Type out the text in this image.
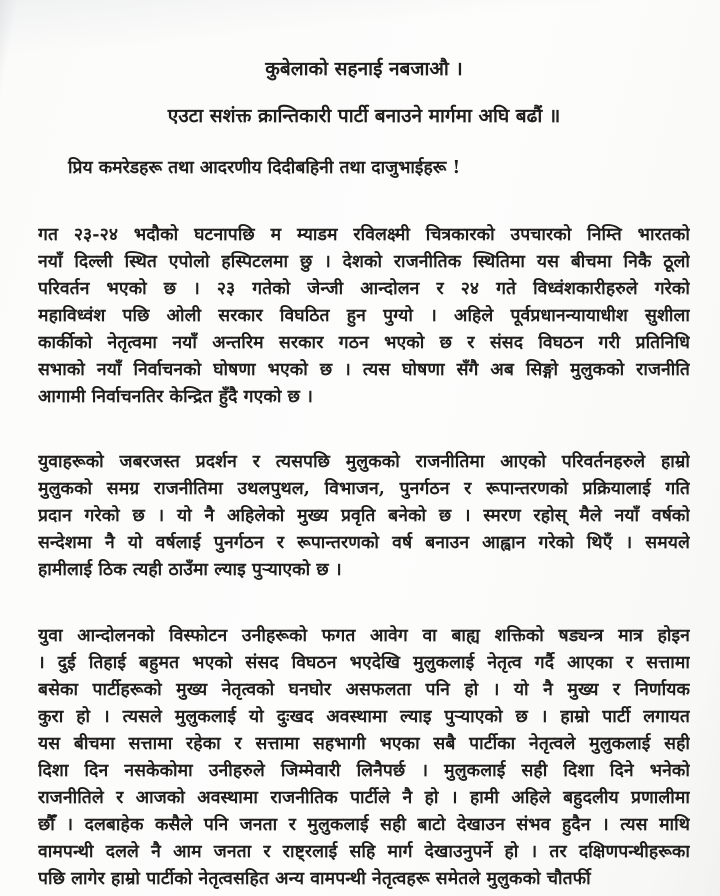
कुबेलाको सहनाई नबजाऔ ।
एउटा सशंक्त क्रान्तिकारी पार्टी बनाउने मार्गमा अघि बढौं ॥
प्रिय कमरेडहरू तथा आदरणीय दिदीबहिनी तथा दाजुभाईहरू !
गत २३-२४ भदौको घटनापछि म म्याडम रविलक्ष्मी चित्रकारको उपचारको निम्ति भारतको
नयाँ दिल्ली स्थित एपोलो हस्पिटलमा छु । देशको राजनीतिक स्थितिमा यस बीचमा निकै ठूलो
परिवर्तन भएको छ । २३ गतेको जेन्जी आन्दोलन र २४ गते विध्वंशकारीहरुले गरेको
महाविध्वंश पछि ओली सरकार विघठित हुन पुग्यो । अहिले पूर्वप्रधानन्यायाधीश सुशीला
कार्कीको नेतृत्वमा नयाँ अन्तरिम सरकार गठन भएको छ र संसद विघठन गरी प्रतिनिधि
सभाको नयाँ निर्वाचनको घोषणा भएको छ । त्यस घोषणा सँगै अब सिङ्गो मुलुकको राजनीति
आगामी निर्वाचनतिर केन्द्रित हुँदै गएको छ ।
युवाहरूको जबरजस्त प्रदर्शन र त्यसपछि मुलुकको राजनीतिमा आएको परिवर्तनहरुले हाम्रो
मुलुकको समग्र राजनीतिमा उथलपुथल, विभाजन, पुनर्गठन र रूपान्तरणको प्रक्रियालाई गति
प्रदान गरेको छ । यो नै अहिलेको मुख्य प्रवृति बनेको छ । स्मरण रहोस् मैले नयाँ वर्षको
सन्देशमा नै यो वर्षलाई पुनर्गठन र रूपान्तरणको वर्ष बनाउन आह्वान गरेको थिएँ । समयले
हामीलाई ठिक त्यही ठाउँमा ल्याइ पुऱ्याएको छ ।
युवा आन्दोलनको विस्फोटन उनीहरूको फगत आवेग वा बाह्य शक्तिको षड्यन्त्र मात्र होइन
। दुई तिहाई बहुमत भएको संसद विघठन भएदेखि मुलुकलाई नेतृत्व गर्दै आएका र सत्तामा
बसेका पार्टीहरूको मुख्य नेतृत्वको घनघोर असफलता पनि हो । यो नै मुख्य र निर्णायक
कुरा हो । त्यसले मुलुकलाई यो दुःखद अवस्थामा ल्याइ पुऱ्याएको छ । हाम्रो पार्टी लगायत
यस बीचमा सत्तामा रहेका र सत्तामा सहभागी भएका सबै पार्टीका नेतृत्वले मुलुकलाई सही
दिशा दिन नसकेकोमा उनीहरुले जिम्मेवारी लिनैपर्छ । मुलुकलाई सही दिशा दिने भनेको
राजनीतिले र आजको अवस्थामा राजनीतिक पार्टीले नै हो । हामी अहिले बहुदलीय प्रणालीमा
छौँ । दलबाहेक कसैले पनि जनता र मुलुकलाई सही बाटो देखाउन संभव हुदैन । त्यस माथि
वामपन्थी दलले नै आम जनता र राष्ट्रलाई सहि मार्ग देखाउनुपर्ने हो । तर दक्षिणपन्थीहरूका
पछि लागेर हाम्रो पार्टीको नेतृत्वसहित अन्य वामपन्थी नेतृत्वहरू समेतले मुलुकको चौतर्फी
